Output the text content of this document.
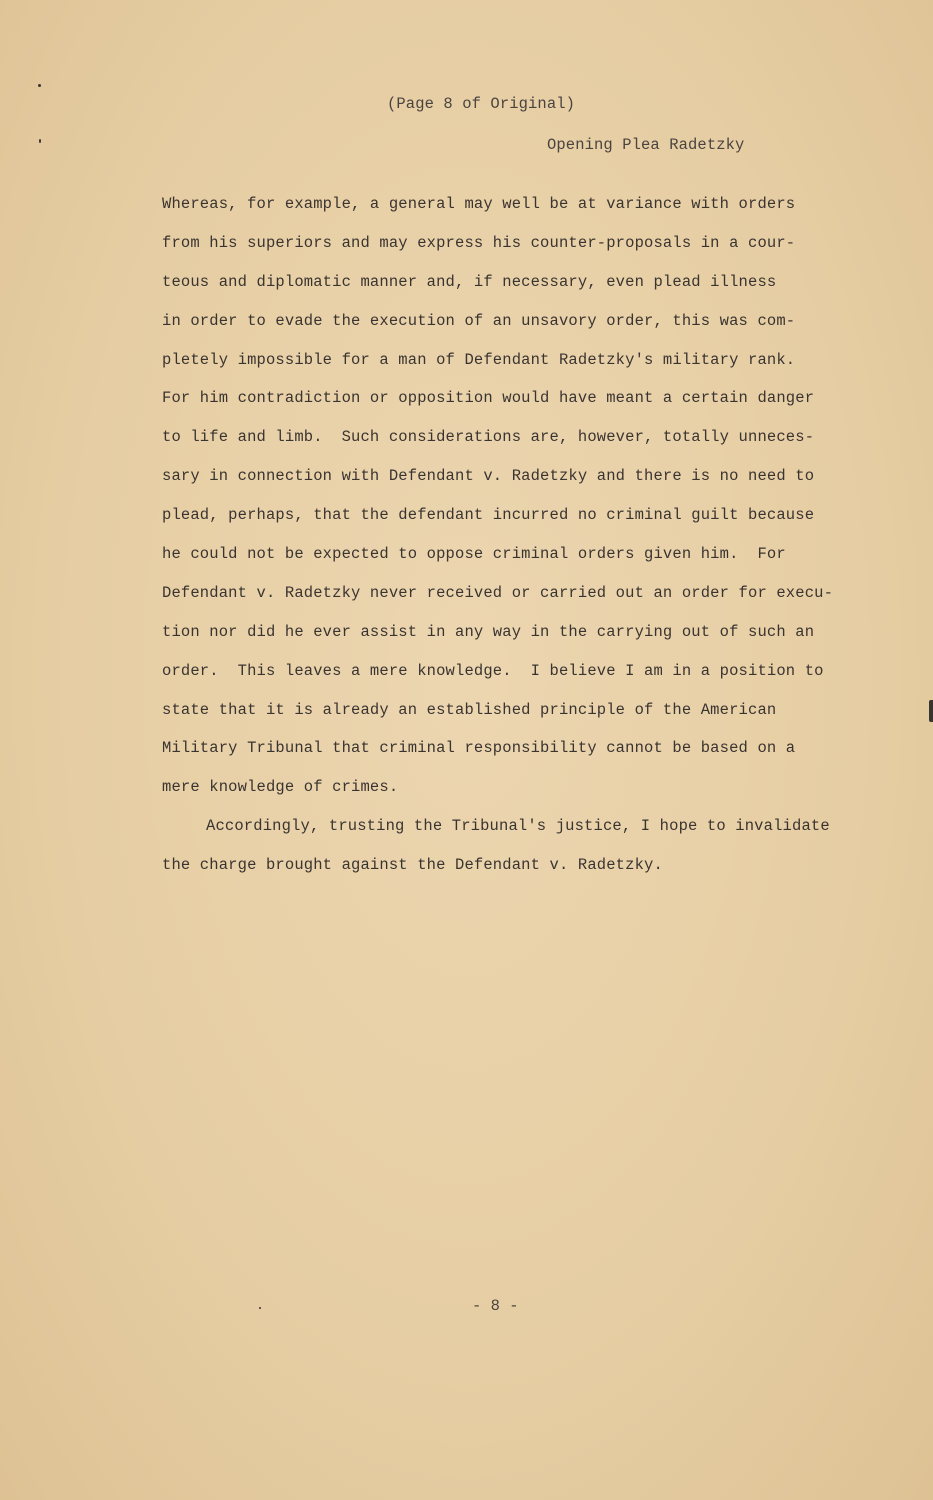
(Page 8 of Original)
Opening Plea Radetzky
Whereas, for example, a general may well be at variance with orders
from his superiors and may express his counter-proposals in a cour-
teous and diplomatic manner and, if necessary, even plead illness
in order to evade the execution of an unsavory order, this was com-
pletely impossible for a man of Defendant Radetzky's military rank.
For him contradiction or opposition would have meant a certain danger
to life and limb.  Such considerations are, however, totally unneces-
sary in connection with Defendant v. Radetzky and there is no need to
plead, perhaps, that the defendant incurred no criminal guilt because
he could not be expected to oppose criminal orders given him.  For
Defendant v. Radetzky never received or carried out an order for execu-
tion nor did he ever assist in any way in the carrying out of such an
order.  This leaves a mere knowledge.  I believe I am in a position to
state that it is already an established principle of the American
Military Tribunal that criminal responsibility cannot be based on a
mere knowledge of crimes.
Accordingly, trusting the Tribunal's justice, I hope to invalidate
the charge brought against the Defendant v. Radetzky.
- 8 -
